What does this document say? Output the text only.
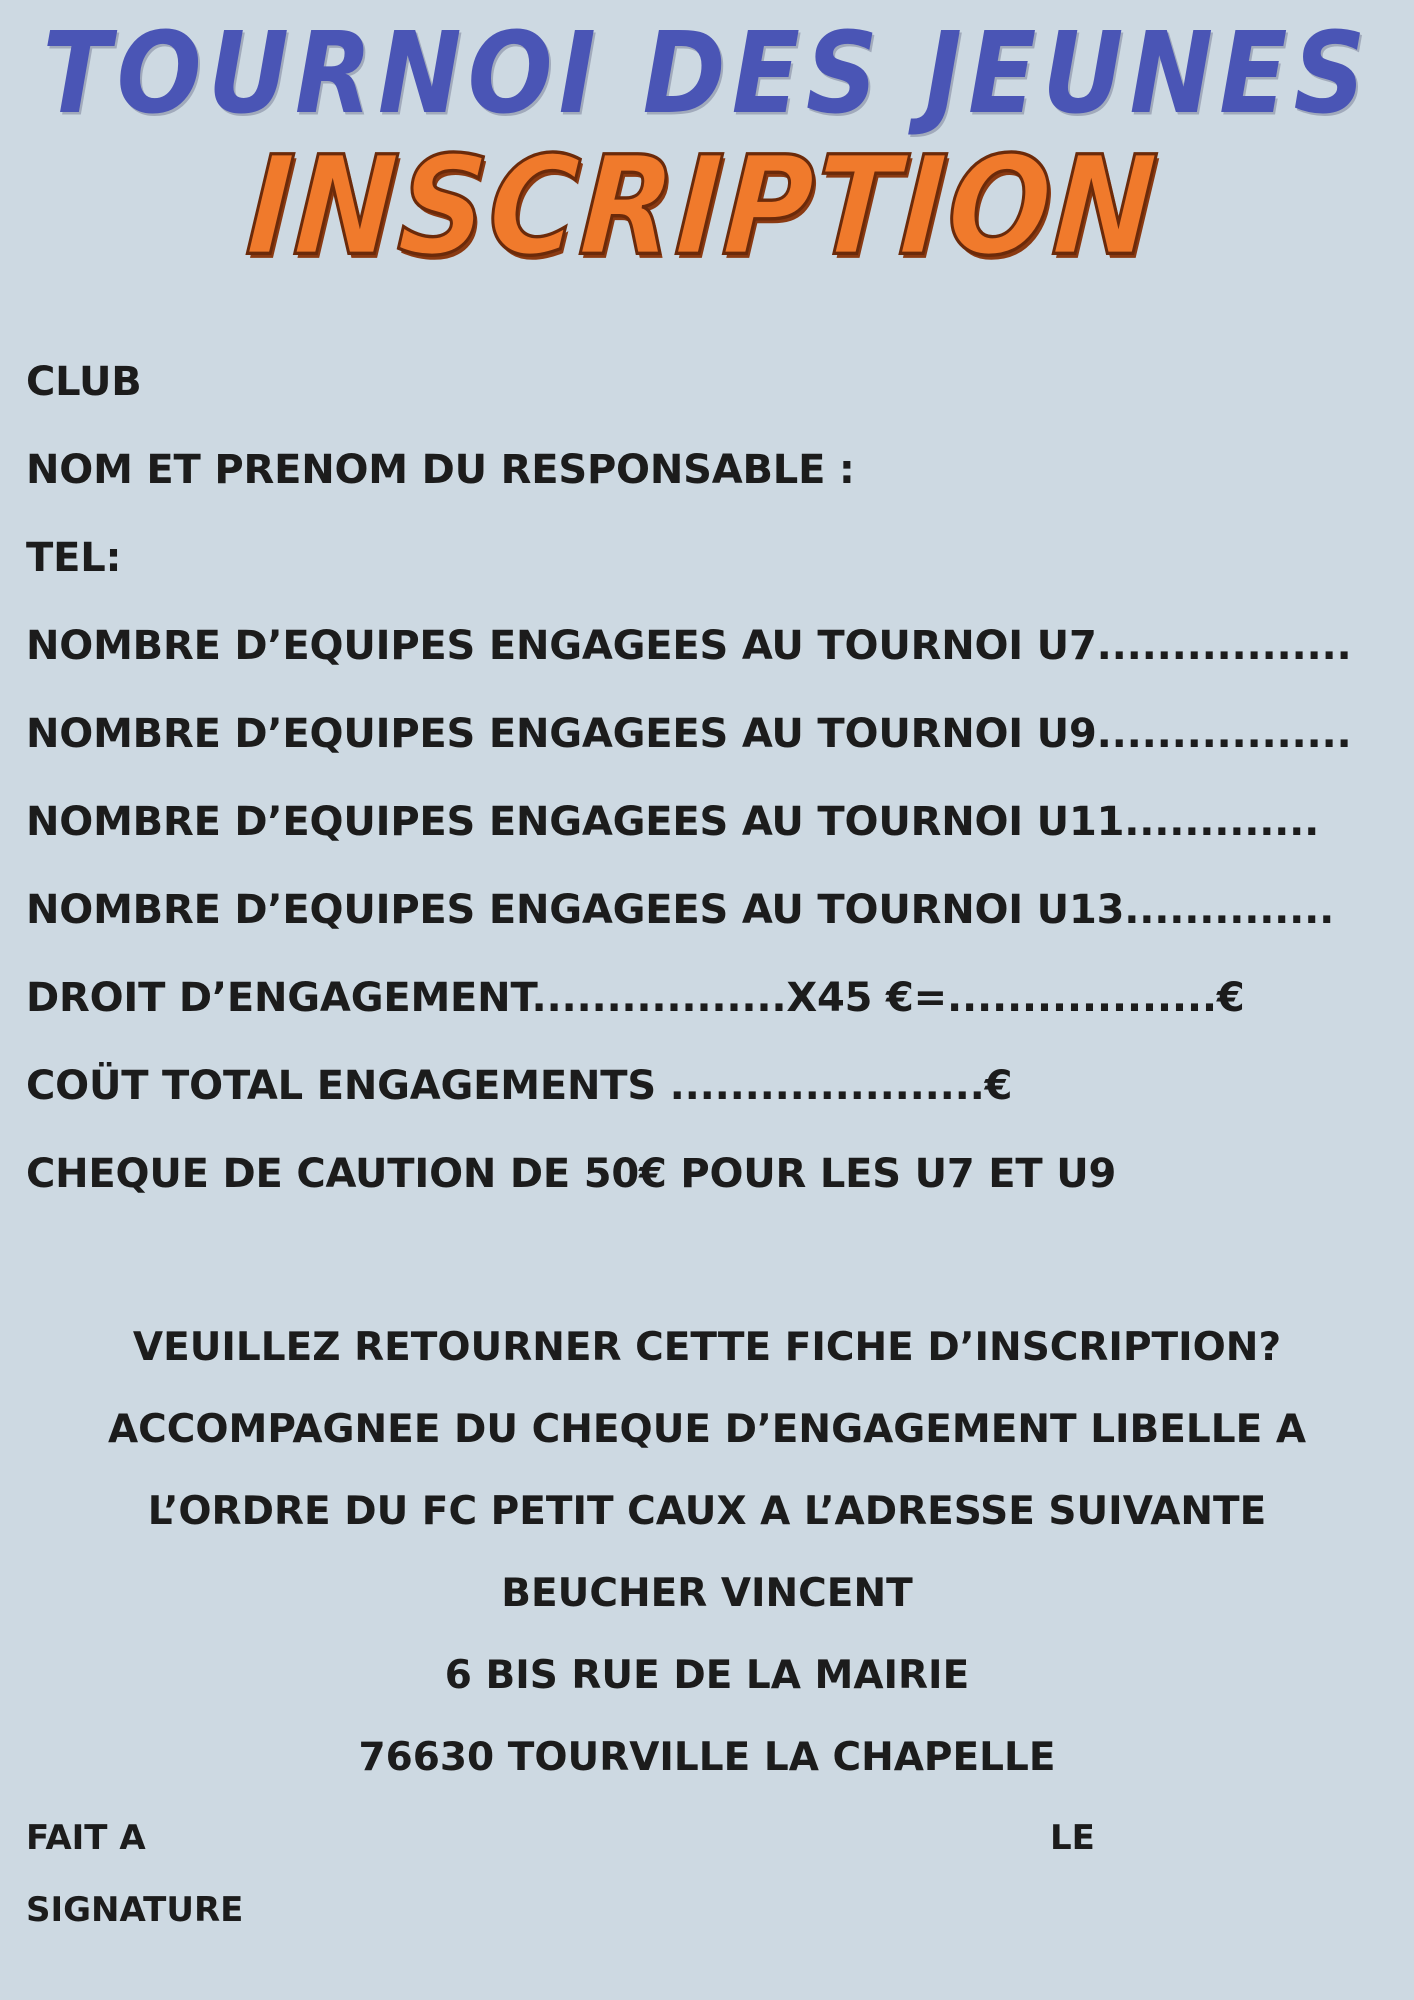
TOURNOI DES JEUNES
INSCRIPTION
CLUB
NOM ET PRENOM DU RESPONSABLE :
TEL:
NOMBRE D’EQUIPES ENGAGEES AU TOURNOI U7.................
NOMBRE D’EQUIPES ENGAGEES AU TOURNOI U9.................
NOMBRE D’EQUIPES ENGAGEES AU TOURNOI U11.............
NOMBRE D’EQUIPES ENGAGEES AU TOURNOI U13..............
DROIT D’ENGAGEMENT.................X45 €=..................€
COÜT TOTAL ENGAGEMENTS .....................€
CHEQUE DE CAUTION DE 50€ POUR LES U7 ET U9
VEUILLEZ RETOURNER CETTE FICHE D’INSCRIPTION?
ACCOMPAGNEE DU CHEQUE D’ENGAGEMENT LIBELLE A
L’ORDRE DU FC PETIT CAUX A L’ADRESSE SUIVANTE
BEUCHER VINCENT
6 BIS RUE DE LA MAIRIE
76630 TOURVILLE LA CHAPELLE
FAIT A	LE
SIGNATURE
